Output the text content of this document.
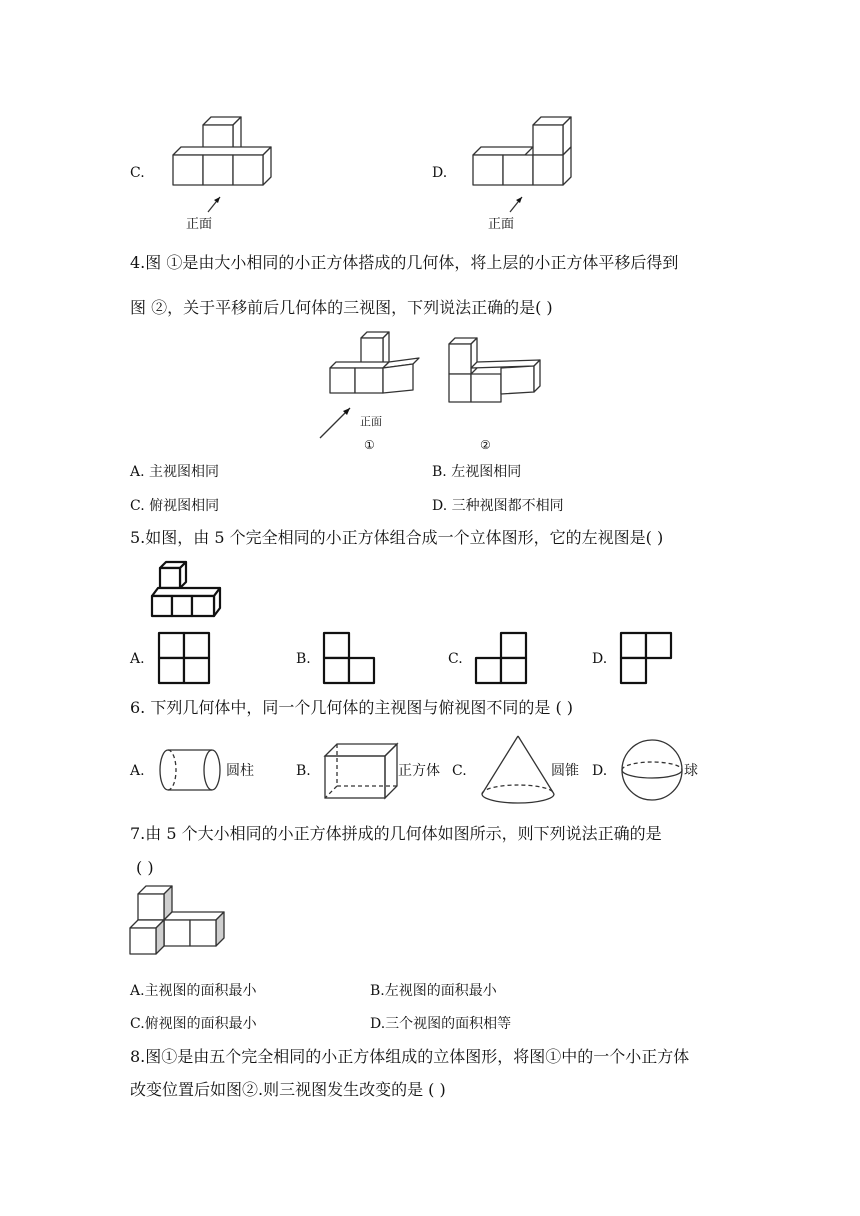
C.
正面
D.
正面
4.图 ①是由大小相同的小正方体搭成的几何体，将上层的小正方体平移后得到
图 ②，关于平移前后几何体的三视图，下列说法正确的是( )
正面
①	②
A. 主视图相同	B. 左视图相同
C. 俯视图相同	D. 三种视图都不相同
5.如图，由 5 个完全相同的小正方体组合成一个立体图形，它的左视图是( )
A.	B.	C.	D.
6. 下列几何体中，同一个几何体的主视图与俯视图不同的是 ( )
A.	圆柱	B.	正方体 C.	圆锥 D.	球
7.由 5 个大小相同的小正方体拼成的几何体如图所示，则下列说法正确的是
( )
A.主视图的面积最小	B.左视图的面积最小
C.俯视图的面积最小	D.三个视图的面积相等
8.图①是由五个完全相同的小正方体组成的立体图形，将图①中的一个小正方体
改变位置后如图②.则三视图发生改变的是 ( )
